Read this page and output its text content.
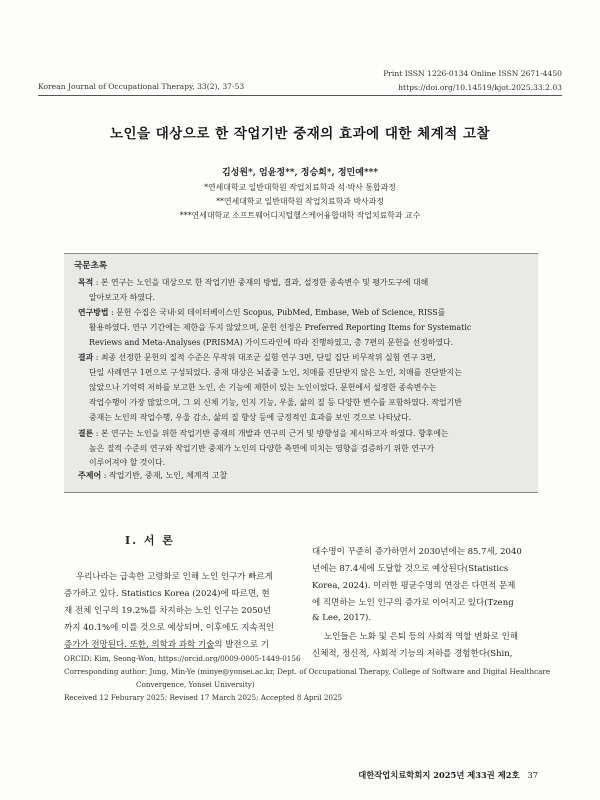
Print ISSN 1226-0134 Online ISSN 2671-4450
Korean Journal of Occupational Therapy, 33(2), 37-53	https://doi.org/10.14519/kjot.2025.33.2.03
노인을 대상으로 한 작업기반 중재의 효과에 대한 체계적 고찰
김성원*, 엄윤정**, 정승희*, 정민예***
*연세대학교 일반대학원 작업치료학과 석·박사 통합과정
**연세대학교 일반대학원 작업치료학과 박사과정
***연세대학교 소프트웨어디지털헬스케어융합대학 작업치료학과 교수
국문초록
목적 : 본 연구는 노인을 대상으로 한 작업기반 중재의 방법, 결과, 설정한 종속변수 및 평가도구에 대해
알아보고자 하였다.
연구방법 : 문헌 수집은 국내·외 데이터베이스인 Scopus, PubMed, Embase, Web of Science, RISS를
활용하였다. 연구 기간에는 제한을 두지 않았으며, 문헌 선정은 Preferred Reporting Items for Systematic
Reviews and Meta-Analyses (PRISMA) 가이드라인에 따라 진행하였고, 총 7편의 문헌을 선정하였다.
결과 : 최종 선정한 문헌의 질적 수준은 무작위 대조군 실험 연구 3편, 단일 집단 비무작위 실험 연구 3편,
단일 사례연구 1편으로 구성되었다. 중재 대상은 뇌졸중 노인, 치매를 진단받지 않은 노인, 치매를 진단받지는
않았으나 기억력 저하를 보고한 노인, 손 기능에 제한이 있는 노인이었다. 문헌에서 설정한 종속변수는
작업수행이 가장 많았으며, 그 외 신체 기능, 인지 기능, 우울, 삶의 질 등 다양한 변수를 포함하였다. 작업기반
중재는 노인의 작업수행, 우울 감소, 삶의 질 향상 등에 긍정적인 효과를 보인 것으로 나타났다.
결론 : 본 연구는 노인을 위한 작업기반 중재의 개발과 연구의 근거 및 방향성을 제시하고자 하였다. 향후에는
높은 질적 수준의 연구와 작업기반 중재가 노인의 다양한 측면에 미치는 영향을 검증하기 위한 연구가
이루어져야 할 것이다.
주제어 : 작업기반, 중재, 노인, 체계적 고찰
Ⅰ. 서 론
우리나라는 급속한 고령화로 인해 노인 인구가 빠르게
증가하고 있다. Statistics Korea (2024)에 따르면, 현
재 전체 인구의 19.2%를 차지하는 노인 인구는 2050년
까지 40.1%에 이를 것으로 예상되며, 이후에도 지속적인
증가가 전망된다. 또한, 의학과 과학 기술의 발전으로 기
대수명이 꾸준히 증가하면서 2030년에는 85.7세, 2040
년에는 87.4세에 도달할 것으로 예상된다(Statistics
Korea, 2024). 이러한 평균수명의 연장은 다면적 문제
에 직면하는 노인 인구의 증가로 이어지고 있다(Tzeng
& Lee, 2017).
노인들은 노화 및 은퇴 등의 사회적 역할 변화로 인해
신체적, 정신적, 사회적 기능의 저하를 경험한다(Shin,
ORCID: Kim, Seong-Won, https://orcid.org/0009-0005-1449-0156
Corresponding author: Jung, Min-Ye (minye@yonsei.ac.kr, Dept. of Occupational Therapy, College of Software and Digital Healthcare
Convergence, Yonsei University)
Received 12 Feburary 2025; Revised 17 March 2025; Accepted 8 April 2025
대한작업치료학회지 2025년 제33권 제2호 37
